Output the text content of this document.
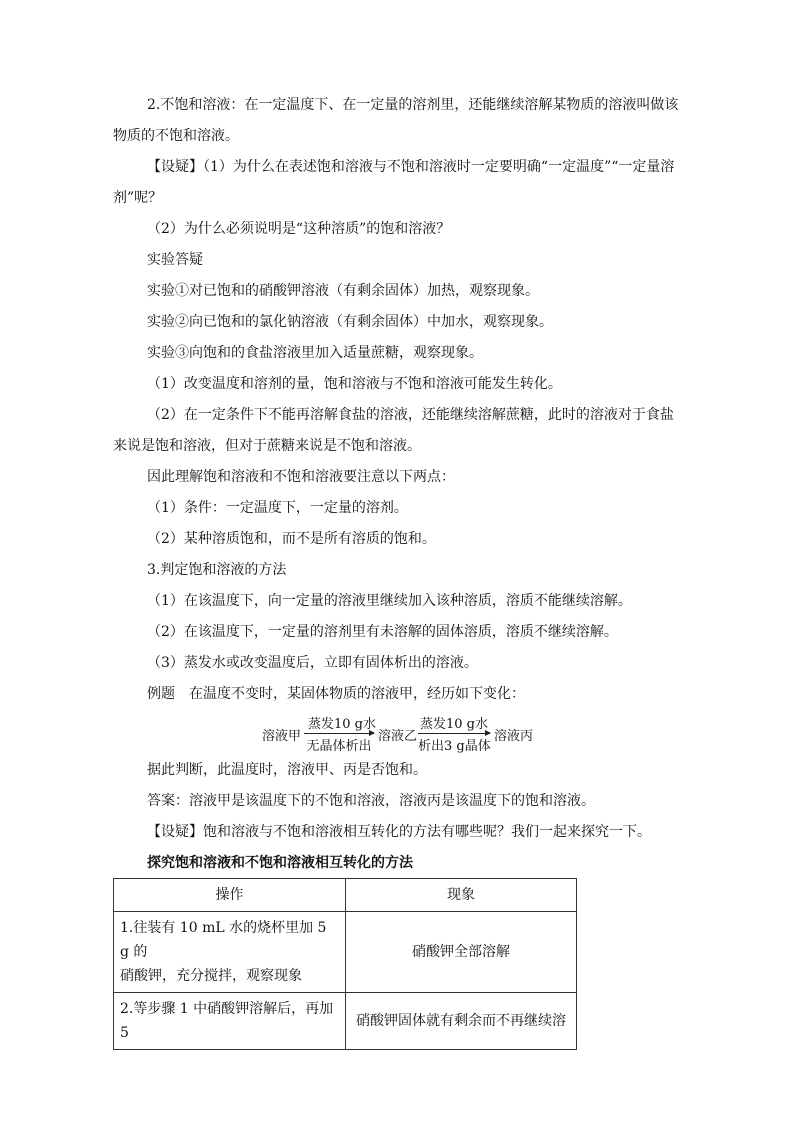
2.不饱和溶液：在一定温度下、在一定量的溶剂里，还能继续溶解某物质的溶液叫做该
物质的不饱和溶液。
【设疑】（1）为什么在表述饱和溶液与不饱和溶液时一定要明确“一定温度”“一定量溶
剂”呢？
（2）为什么必须说明是“这种溶质”的饱和溶液？
实验答疑
实验①对已饱和的硝酸钾溶液（有剩余固体）加热，观察现象。
实验②向已饱和的氯化钠溶液（有剩余固体）中加水，观察现象。
实验③向饱和的食盐溶液里加入适量蔗糖，观察现象。
（1）改变温度和溶剂的量，饱和溶液与不饱和溶液可能发生转化。
（2）在一定条件下不能再溶解食盐的溶液，还能继续溶解蔗糖，此时的溶液对于食盐
来说是饱和溶液，但对于蔗糖来说是不饱和溶液。
因此理解饱和溶液和不饱和溶液要注意以下两点：
（1）条件：一定温度下，一定量的溶剂。
（2）某种溶质饱和，而不是所有溶质的饱和。
3.判定饱和溶液的方法
（1）在该温度下，向一定量的溶液里继续加入该种溶质，溶质不能继续溶解。
（2）在该温度下，一定量的溶剂里有未溶解的固体溶质，溶质不继续溶解。
（3）蒸发水或改变温度后，立即有固体析出的溶液。
例题　在温度不变时，某固体物质的溶液甲，经历如下变化：
溶液甲
蒸发10 g水
无晶体析出
溶液乙
蒸发10 g水
析出3 g晶体
溶液丙
据此判断，此温度时，溶液甲、丙是否饱和。
答案：溶液甲是该温度下的不饱和溶液，溶液丙是该温度下的饱和溶液。
【设疑】饱和溶液与不饱和溶液相互转化的方法有哪些呢？我们一起来探究一下。
探究饱和溶液和不饱和溶液相互转化的方法
操作	现象

1.往装有 10 mL 水的烧杯里加 5 g 的
硝酸钾，充分搅拌，观察现象	硝酸钾全部溶解
2.等步骤 1 中硝酸钾溶解后，再加 5	硝酸钾固体就有剩余而不再继续溶
